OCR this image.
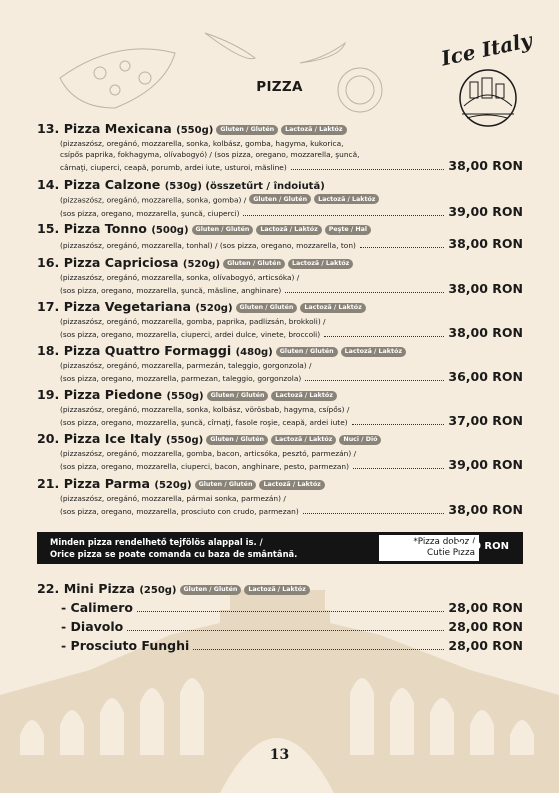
Ice Italy
PIZZA
13. Pizza Mexicana (550g) Gluten / Glutén Lactoză / Laktóz
(pizzaszósz, oregánó, mozzarella, sonka, kolbász, gomba, hagyma, kukorica,
csípős paprika, fokhagyma, olívabogyó) / (sos pizza, oregano, mozzarella, şuncă,
cârnaţi, ciuperci, ceapă, porumb, ardei iute, usturoi, măsline)	38,00 RON
14. Pizza Calzone (530g) (összetűrt / îndoiută)
(pizzaszósz, oregánó, mozzarella, sonka, gomba) / Gluten / Glutén Lactoză / Laktóz
(sos pizza, oregano, mozzarella, şuncă, ciuperci)	39,00 RON
15. Pizza Tonno (500g) Gluten / Glutén Lactoză / Laktóz Peşte / Hal
(pizzaszósz, oregánó, mozzarella, tonhal) / (sos pizza, oregano, mozzarella, ton)	38,00 RON
16. Pizza Capriciosa (520g) Gluten / Glutén Lactoză / Laktóz
(pizzaszósz, oregánó, mozzarella, sonka, olívabogyó, articsóka) /
(sos pizza, oregano, mozzarella, şuncă, măsline, anghinare)	38,00 RON
17. Pizza Vegetariana (520g) Gluten / Glutén Lactoză / Laktóz
(pizzaszósz, oregánó, mozzarella, gomba, paprika, padlizsán, brokkoli) /
(sos pizza, oregano, mozzarella, ciuperci, ardei dulce, vinete, broccoli)	38,00 RON
18. Pizza Quattro Formaggi (480g) Gluten / Glutén Lactoză / Laktóz
(pizzaszósz, oregánó, mozzarella, parmezán, taleggio, gorgonzola) /
(sos pizza, oregano, mozzarella, parmezan, taleggio, gorgonzola)	36,00 RON
19. Pizza Piedone (550g) Gluten / Glutén Lactoză / Laktóz
(pizzaszósz, oregánó, mozzarella, sonka, kolbász, vörösbab, hagyma, csípős) /
(sos pizza, oregano, mozzarella, şuncă, cîrnaţi, fasole roşie, ceapă, ardei iute)	37,00 RON
20. Pizza Ice Italy (550g) Gluten / Glutén Lactoză / Laktóz Nuci / Dió
(pizzaszósz, oregánó, mozzarella, gomba, bacon, articsóka, pesztó, parmezán) /
(sos pizza, oregano, mozzarella, ciuperci, bacon, anghinare, pesto, parmezan)	39,00 RON
21. Pizza Parma (520g) Gluten / Glutén Lactoză / Laktóz
(pizzaszósz, oregánó, mozzarella, pármai sonka, parmezán) /
(sos pizza, oregano, mozzarella, prosciuto con crudo, parmezan)	38,00 RON
Minden pizza rendelhető tejfölös alappal is. /
Orice pizza se poate comanda cu baza de smântână.
*Pizza doboz /
Cutie Pizza
+2,00 RON
22. Mini Pizza (250g) Gluten / Glutén Lactoză / Laktóz
- Calimero	28,00 RON
- Diavolo	28,00 RON
- Prosciuto Funghi	28,00 RON
13
